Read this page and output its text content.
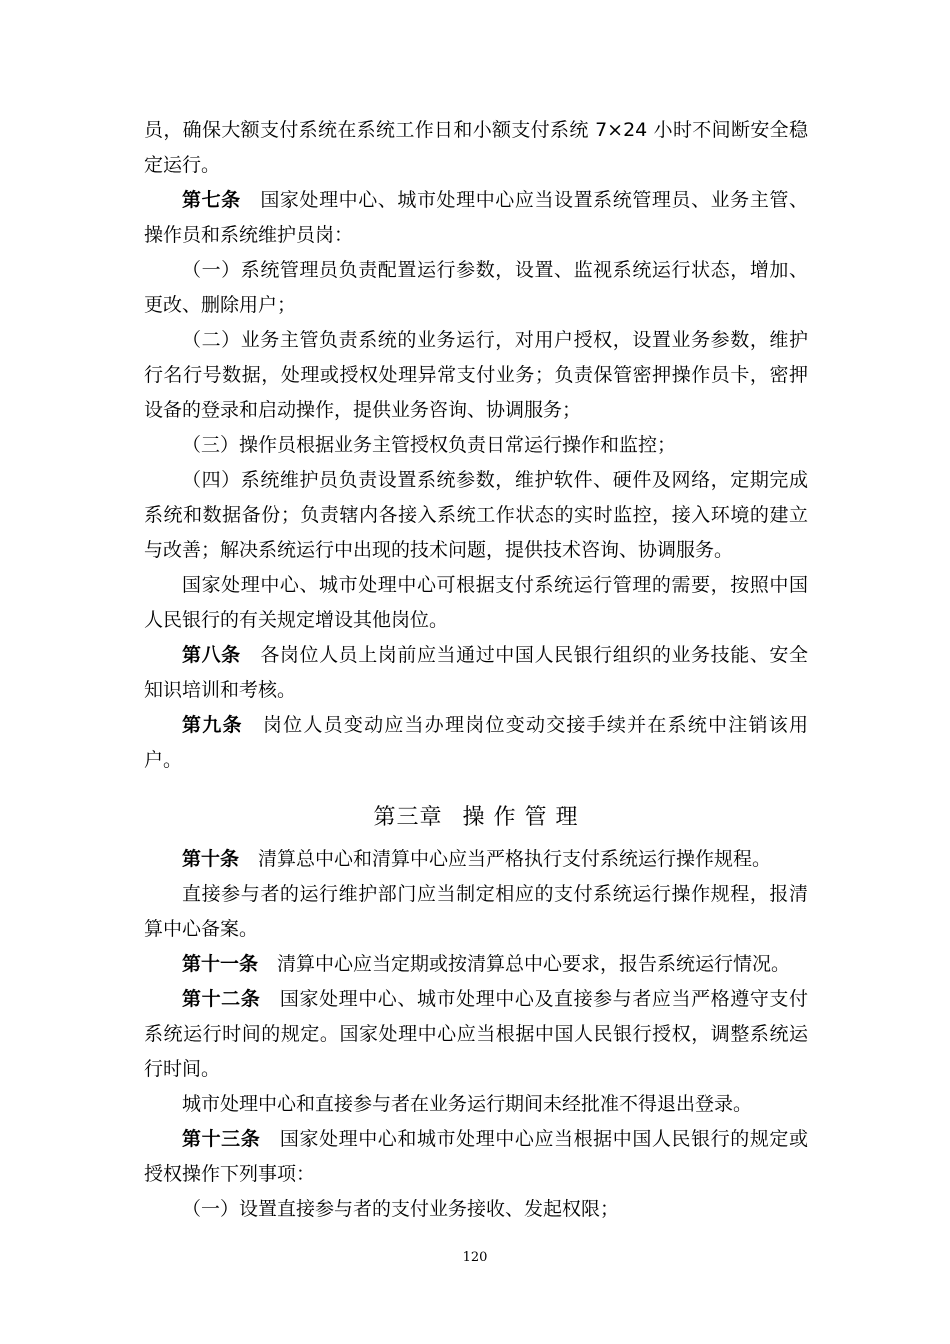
员，确保大额支付系统在系统工作日和小额支付系统 7×24 小时不间断安全稳定运行。

第七条 国家处理中心、城市处理中心应当设置系统管理员、业务主管、操作员和系统维护员岗：

（一）系统管理员负责配置运行参数，设置、监视系统运行状态，增加、更改、删除用户；

（二）业务主管负责系统的业务运行，对用户授权，设置业务参数，维护行名行号数据，处理或授权处理异常支付业务；负责保管密押操作员卡，密押设备的登录和启动操作，提供业务咨询、协调服务；

（三）操作员根据业务主管授权负责日常运行操作和监控；

（四）系统维护员负责设置系统参数，维护软件、硬件及网络，定期完成系统和数据备份；负责辖内各接入系统工作状态的实时监控，接入环境的建立与改善；解决系统运行中出现的技术问题，提供技术咨询、协调服务。

国家处理中心、城市处理中心可根据支付系统运行管理的需要，按照中国人民银行的有关规定增设其他岗位。

第八条 各岗位人员上岗前应当通过中国人民银行组织的业务技能、安全知识培训和考核。

第九条 岗位人员变动应当办理岗位变动交接手续并在系统中注销该用户。

第三章 操 作 管 理

第十条 清算总中心和清算中心应当严格执行支付系统运行操作规程。

直接参与者的运行维护部门应当制定相应的支付系统运行操作规程，报清算中心备案。

第十一条 清算中心应当定期或按清算总中心要求，报告系统运行情况。

第十二条 国家处理中心、城市处理中心及直接参与者应当严格遵守支付系统运行时间的规定。国家处理中心应当根据中国人民银行授权，调整系统运行时间。

城市处理中心和直接参与者在业务运行期间未经批准不得退出登录。

第十三条 国家处理中心和城市处理中心应当根据中国人民银行的规定或授权操作下列事项：

（一）设置直接参与者的支付业务接收、发起权限；

120
